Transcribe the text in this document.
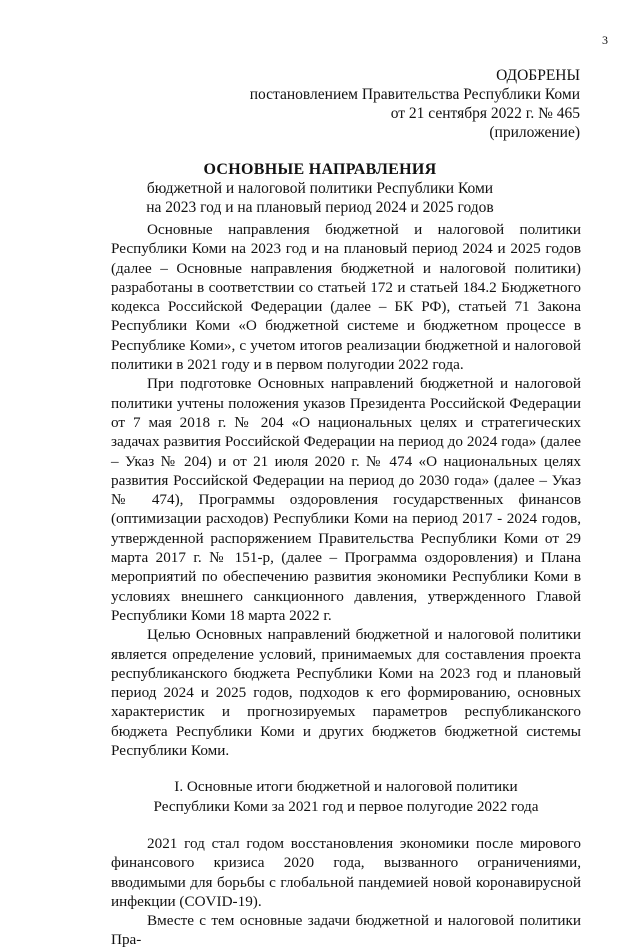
3
ОДОБРЕНЫ
постановлением Правительства Республики Коми
от 21 сентября 2022 г. № 465
(приложение)
ОСНОВНЫЕ НАПРАВЛЕНИЯ
бюджетной и налоговой политики Республики Коми
на 2023 год и на плановый период 2024 и 2025 годов

Основные направления бюджетной и налоговой политики Республики Коми на 2023 год и на плановый период 2024 и 2025 годов (далее – Основные направления бюджетной и налоговой политики) разработаны в соответствии со статьей 172 и статьей 184.2 Бюджетного кодекса Российской Федерации (далее – БК РФ), статьей 71 Закона Республики Коми «О бюджетной системе и бюджетном процессе в Республике Коми», с учетом итогов реализации бюджетной и налоговой политики в 2021 году и в первом полугодии 2022 года.

При подготовке Основных направлений бюджетной и налоговой политики учтены положения указов Президента Российской Федерации от 7 мая 2018 г. № 204 «О национальных целях и стратегических задачах развития Российской Федерации на период до 2024 года» (далее – Указ № 204) и от 21 июля 2020 г. № 474 «О национальных целях развития Российской Федерации на период до 2030 года» (далее – Указ № 474), Программы оздоровления государственных финансов (оптимизации расходов) Республики Коми на период 2017 - 2024 годов, утвержденной распоряжением Правительства Республики Коми от 29 марта 2017 г. № 151-р, (далее – Программа оздоровления) и Плана мероприятий по обеспечению развития экономики Республики Коми в условиях внешнего санкционного давления, утвержденного Главой Республики Коми 18 марта 2022 г.

Целью Основных направлений бюджетной и налоговой политики является определение условий, принимаемых для составления проекта республиканского бюджета Республики Коми на 2023 год и плановый период 2024 и 2025 годов, подходов к его формированию, основных характеристик и прогнозируемых параметров республиканского бюджета Республики Коми и других бюджетов бюджетной системы Республики Коми.

I. Основные итоги бюджетной и налоговой политики
Республики Коми за 2021 год и первое полугодие 2022 года

2021 год стал годом восстановления экономики после мирового финансового кризиса 2020 года, вызванного ограничениями, вводимыми для борьбы с глобальной пандемией новой коронавирусной инфекции (COVID-19).

Вместе с тем основные задачи бюджетной и налоговой политики Пра-
